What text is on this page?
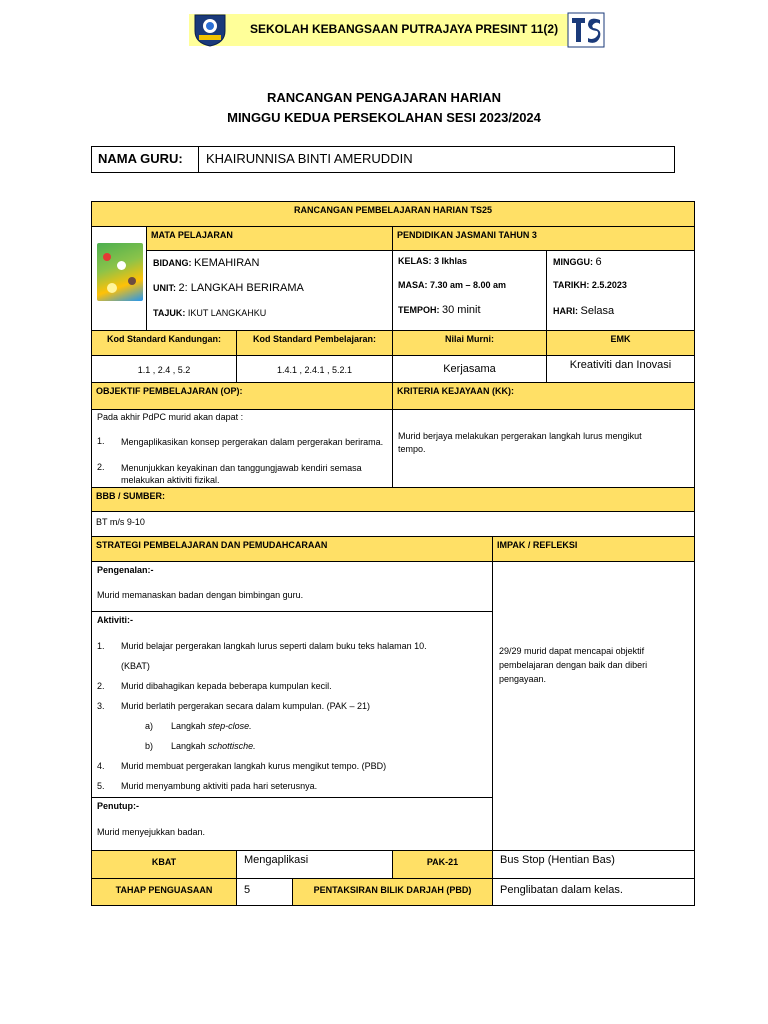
SEKOLAH KEBANGSAAN PUTRAJAYA PRESINT 11(2)
RANCANGAN PENGAJARAN HARIAN
MINGGU KEDUA PERSEKOLAHAN SESI 2023/2024
NAMA GURU:	KHAIRUNNISA BINTI AMERUDDIN
RANCANGAN PEMBELAJARAN HARIAN TS25
MATA PELAJARAN	PENDIDIKAN JASMANI TAHUN 3
BIDANG: KEMAHIRAN
UNIT: 2: LANGKAH BERIRAMA
TAJUK: IKUT LANGKAHKU
KELAS: 3 Ikhlas
MASA: 7.30 am – 8.00 am
TEMPOH: 30 minit
MINGGU: 6
TARIKH: 2.5.2023
HARI: Selasa
Kod Standard Kandungan:	Kod Standard Pembelajaran:	Nilai Murni:	EMK
1.1 , 2.4 , 5.2	1.4.1 , 2.4.1 , 5.2.1	Kerjasama	Kreativiti dan Inovasi
OBJEKTIF PEMBELAJARAN (OP):	KRITERIA KEJAYAAN (KK):
Pada akhir PdPC murid akan dapat :
1. Mengaplikasikan konsep pergerakan dalam pergerakan berirama.
2. Menunjukkan keyakinan dan tanggungjawab kendiri semasa melakukan aktiviti fizikal.
Murid berjaya melakukan pergerakan langkah lurus mengikut tempo.
BBB / SUMBER:
BT m/s 9-10
STRATEGI PEMBELAJARAN DAN PEMUDAHCARAAN	IMPAK / REFLEKSI
Pengenalan:-
Murid memanaskan badan dengan bimbingan guru.
Aktiviti:-
1. Murid belajar pergerakan langkah lurus seperti dalam buku teks halaman 10.
(KBAT)
2. Murid dibahagikan kepada beberapa kumpulan kecil.
3. Murid berlatih pergerakan secara dalam kumpulan. (PAK – 21)
a) Langkah step-close.
b) Langkah schottische.
4. Murid membuat pergerakan langkah kurus mengikut tempo. (PBD)
5. Murid menyambung aktiviti pada hari seterusnya.
Penutup:-
Murid menyejukkan badan.
29/29 murid dapat mencapai objektif pembelajaran dengan baik dan diberi pengayaan.
KBAT	Mengaplikasi	PAK-21	Bus Stop (Hentian Bas)
TAHAP PENGUASAAN	5	PENTAKSIRAN BILIK DARJAH (PBD)	Penglibatan dalam kelas.
